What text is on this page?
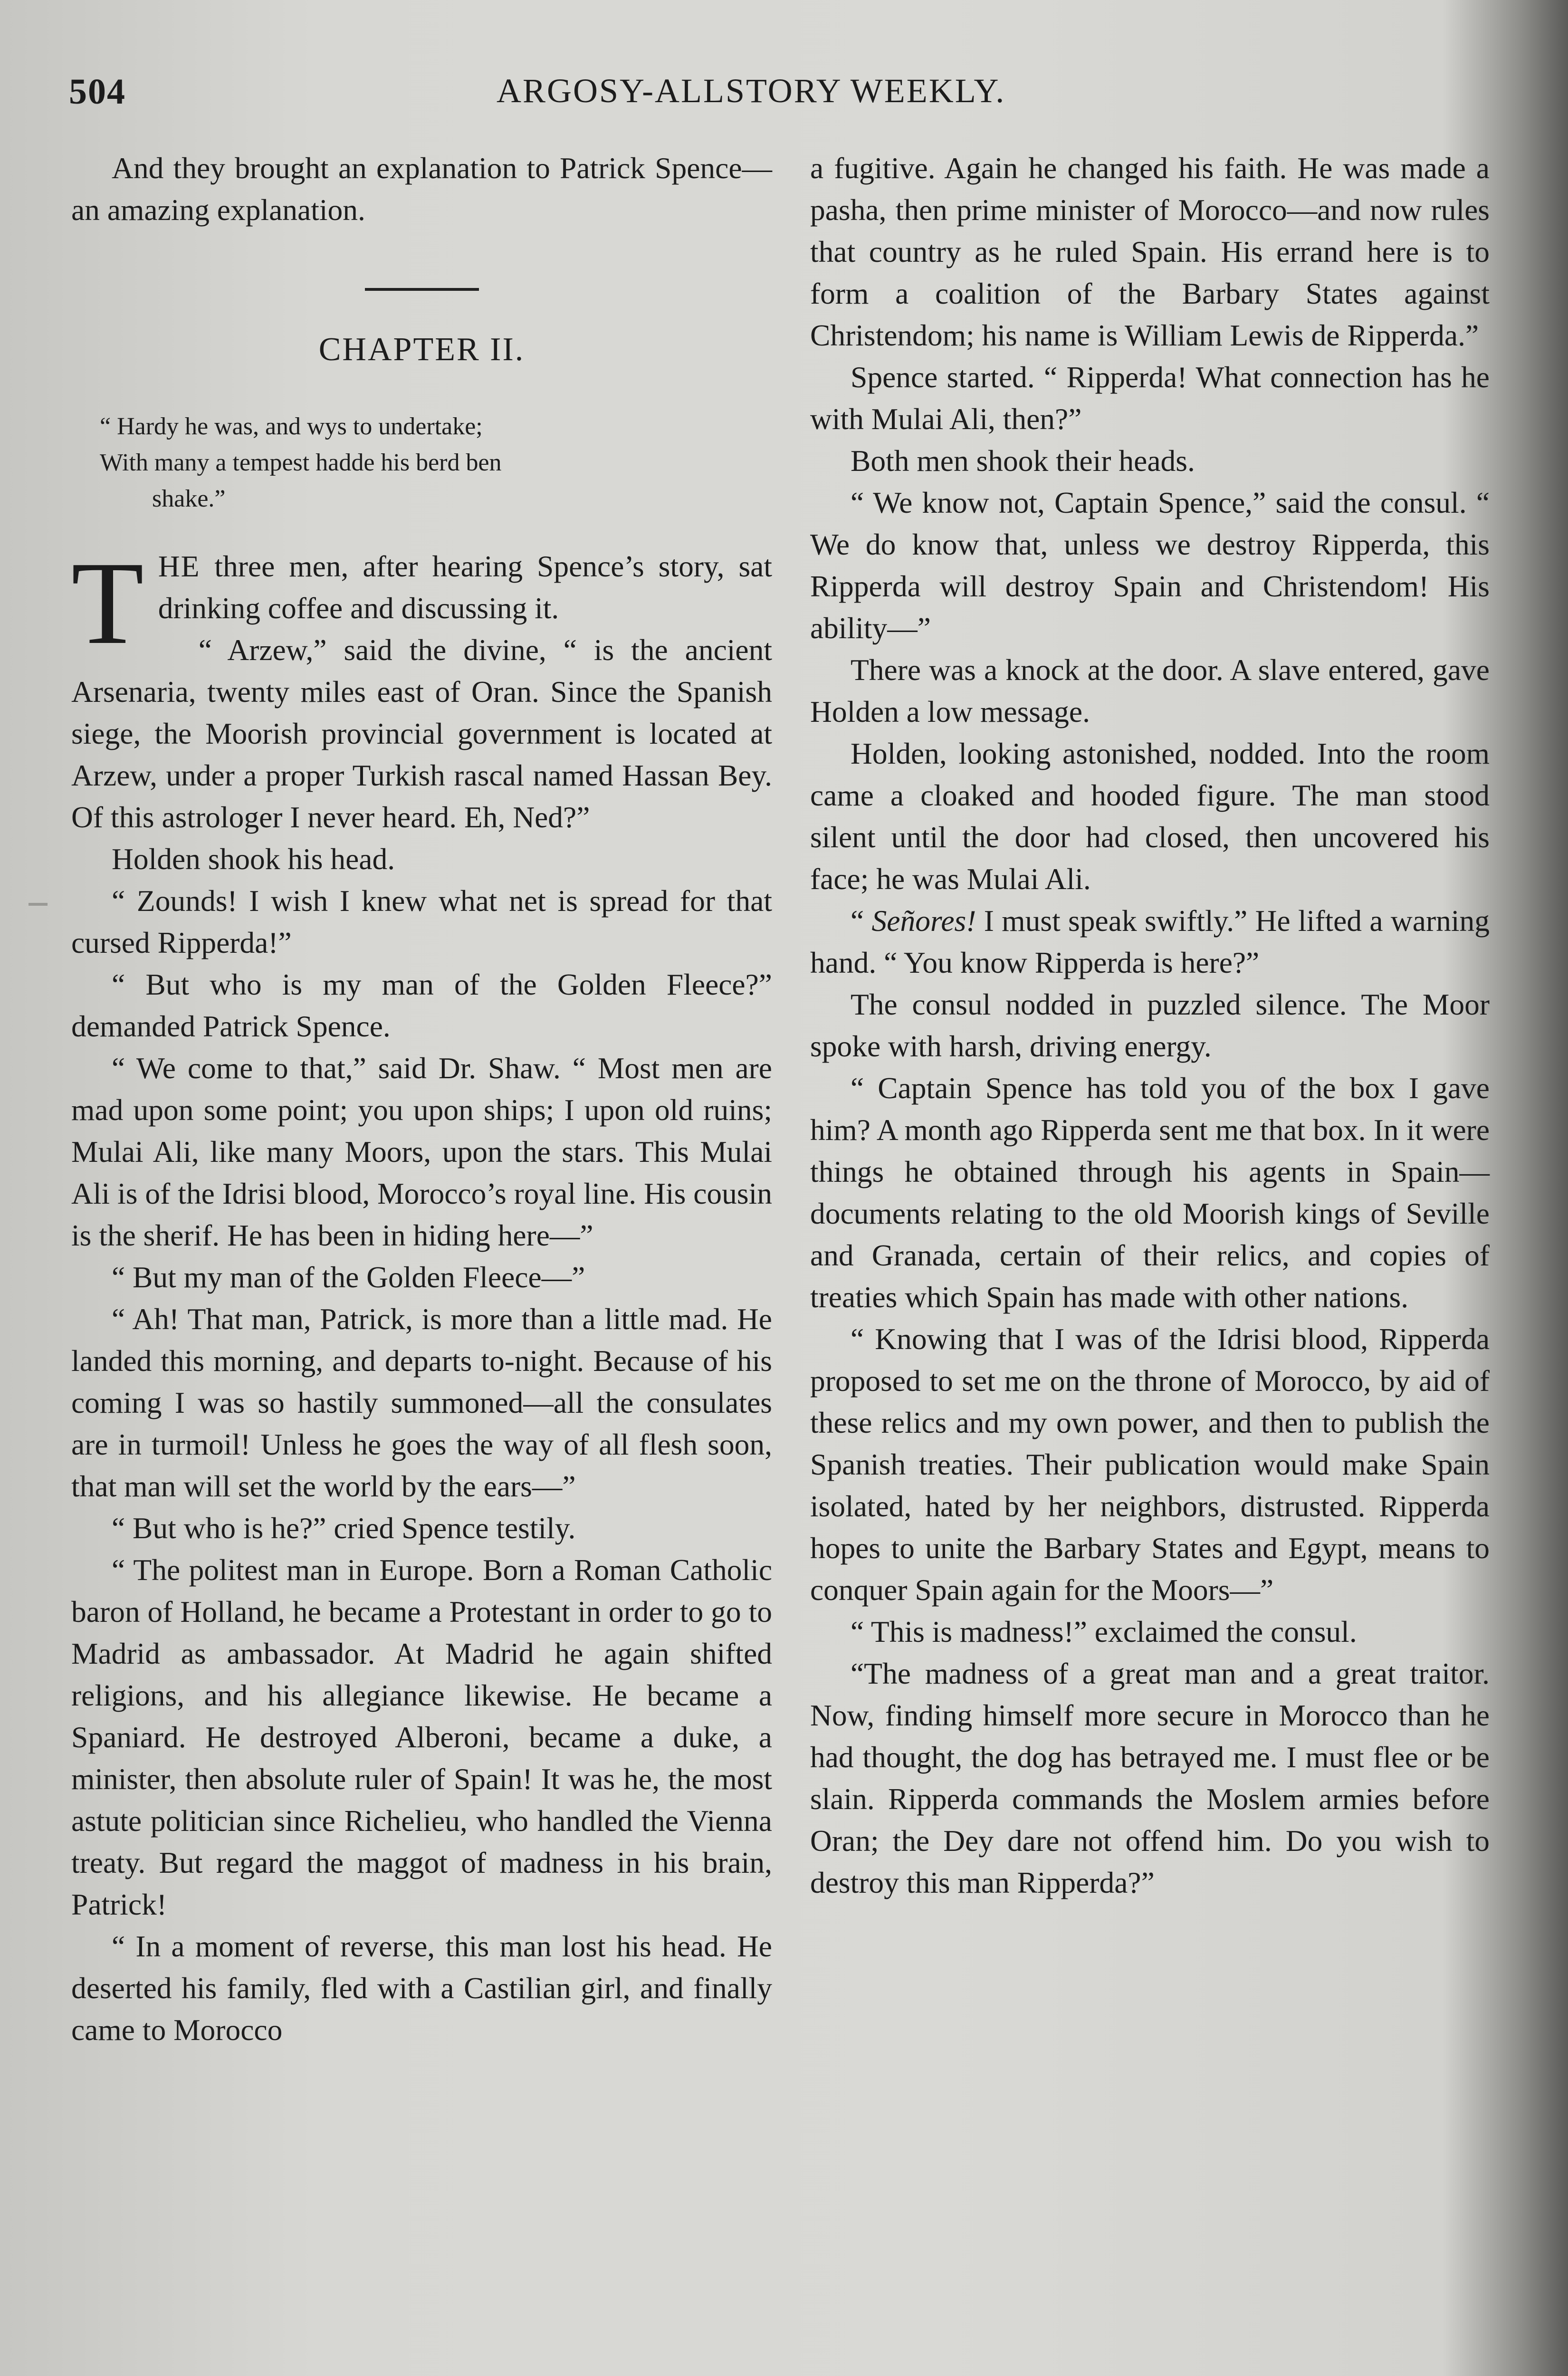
504	ARGOSY-ALLSTORY WEEKLY.

And they brought an explanation to Patrick Spence—an amazing explanation.

CHAPTER II.

“ Hardy he was, and wys to undertake;
With many a tempest hadde his berd ben
shake.”

THE three men, after hearing Spence’s story, sat drinking coffee and discussing it.

“ Arzew,” said the divine, “ is the ancient Arsenaria, twenty miles east of Oran. Since the Spanish siege, the Moorish provincial government is located at Arzew, under a proper Turkish rascal named Hassan Bey. Of this astrologer I never heard. Eh, Ned?”

Holden shook his head.

“ Zounds! I wish I knew what net is spread for that cursed Ripperda!”

“ But who is my man of the Golden Fleece?” demanded Patrick Spence.

“ We come to that,” said Dr. Shaw. “ Most men are mad upon some point; you upon ships; I upon old ruins; Mulai Ali, like many Moors, upon the stars. This Mulai Ali is of the Idrisi blood, Morocco’s royal line. His cousin is the sherif. He has been in hiding here—”

“ But my man of the Golden Fleece—”

“ Ah! That man, Patrick, is more than a little mad. He landed this morning, and departs to-night. Because of his coming I was so hastily summoned—all the consulates are in turmoil! Unless he goes the way of all flesh soon, that man will set the world by the ears—”

“ But who is he?” cried Spence testily.

“ The politest man in Europe. Born a Roman Catholic baron of Holland, he became a Protestant in order to go to Madrid as ambassador. At Madrid he again shifted religions, and his allegiance likewise. He became a Spaniard. He destroyed Alberoni, became a duke, a minister, then absolute ruler of Spain! It was he, the most astute politician since Richelieu, who handled the Vienna treaty. But regard the maggot of madness in his brain, Patrick!

“ In a moment of reverse, this man lost his head. He deserted his family, fled with a Castilian girl, and finally came to Morocco

a fugitive. Again he changed his faith. He was made a pasha, then prime minister of Morocco—and now rules that country as he ruled Spain. His errand here is to form a coalition of the Barbary States against Christendom; his name is William Lewis de Ripperda.”

Spence started. “ Ripperda! What connection has he with Mulai Ali, then?”

Both men shook their heads.

“ We know not, Captain Spence,” said the consul. “ We do know that, unless we destroy Ripperda, this Ripperda will destroy Spain and Christendom! His ability—”

There was a knock at the door. A slave entered, gave Holden a low message.

Holden, looking astonished, nodded. Into the room came a cloaked and hooded figure. The man stood silent until the door had closed, then uncovered his face; he was Mulai Ali.

“ Señores! I must speak swiftly.” He lifted a warning hand. “ You know Ripperda is here?”

The consul nodded in puzzled silence. The Moor spoke with harsh, driving energy.

“ Captain Spence has told you of the box I gave him? A month ago Ripperda sent me that box. In it were things he obtained through his agents in Spain—documents relating to the old Moorish kings of Seville and Granada, certain of their relics, and copies of treaties which Spain has made with other nations.

“ Knowing that I was of the Idrisi blood, Ripperda proposed to set me on the throne of Morocco, by aid of these relics and my own power, and then to publish the Spanish treaties. Their publication would make Spain isolated, hated by her neighbors, distrusted. Ripperda hopes to unite the Barbary States and Egypt, means to conquer Spain again for the Moors—”

“ This is madness!” exclaimed the consul.

“The madness of a great man and a great traitor. Now, finding himself more secure in Morocco than he had thought, the dog has betrayed me. I must flee or be slain. Ripperda commands the Moslem armies before Oran; the Dey dare not offend him. Do you wish to destroy this man Ripperda?”
